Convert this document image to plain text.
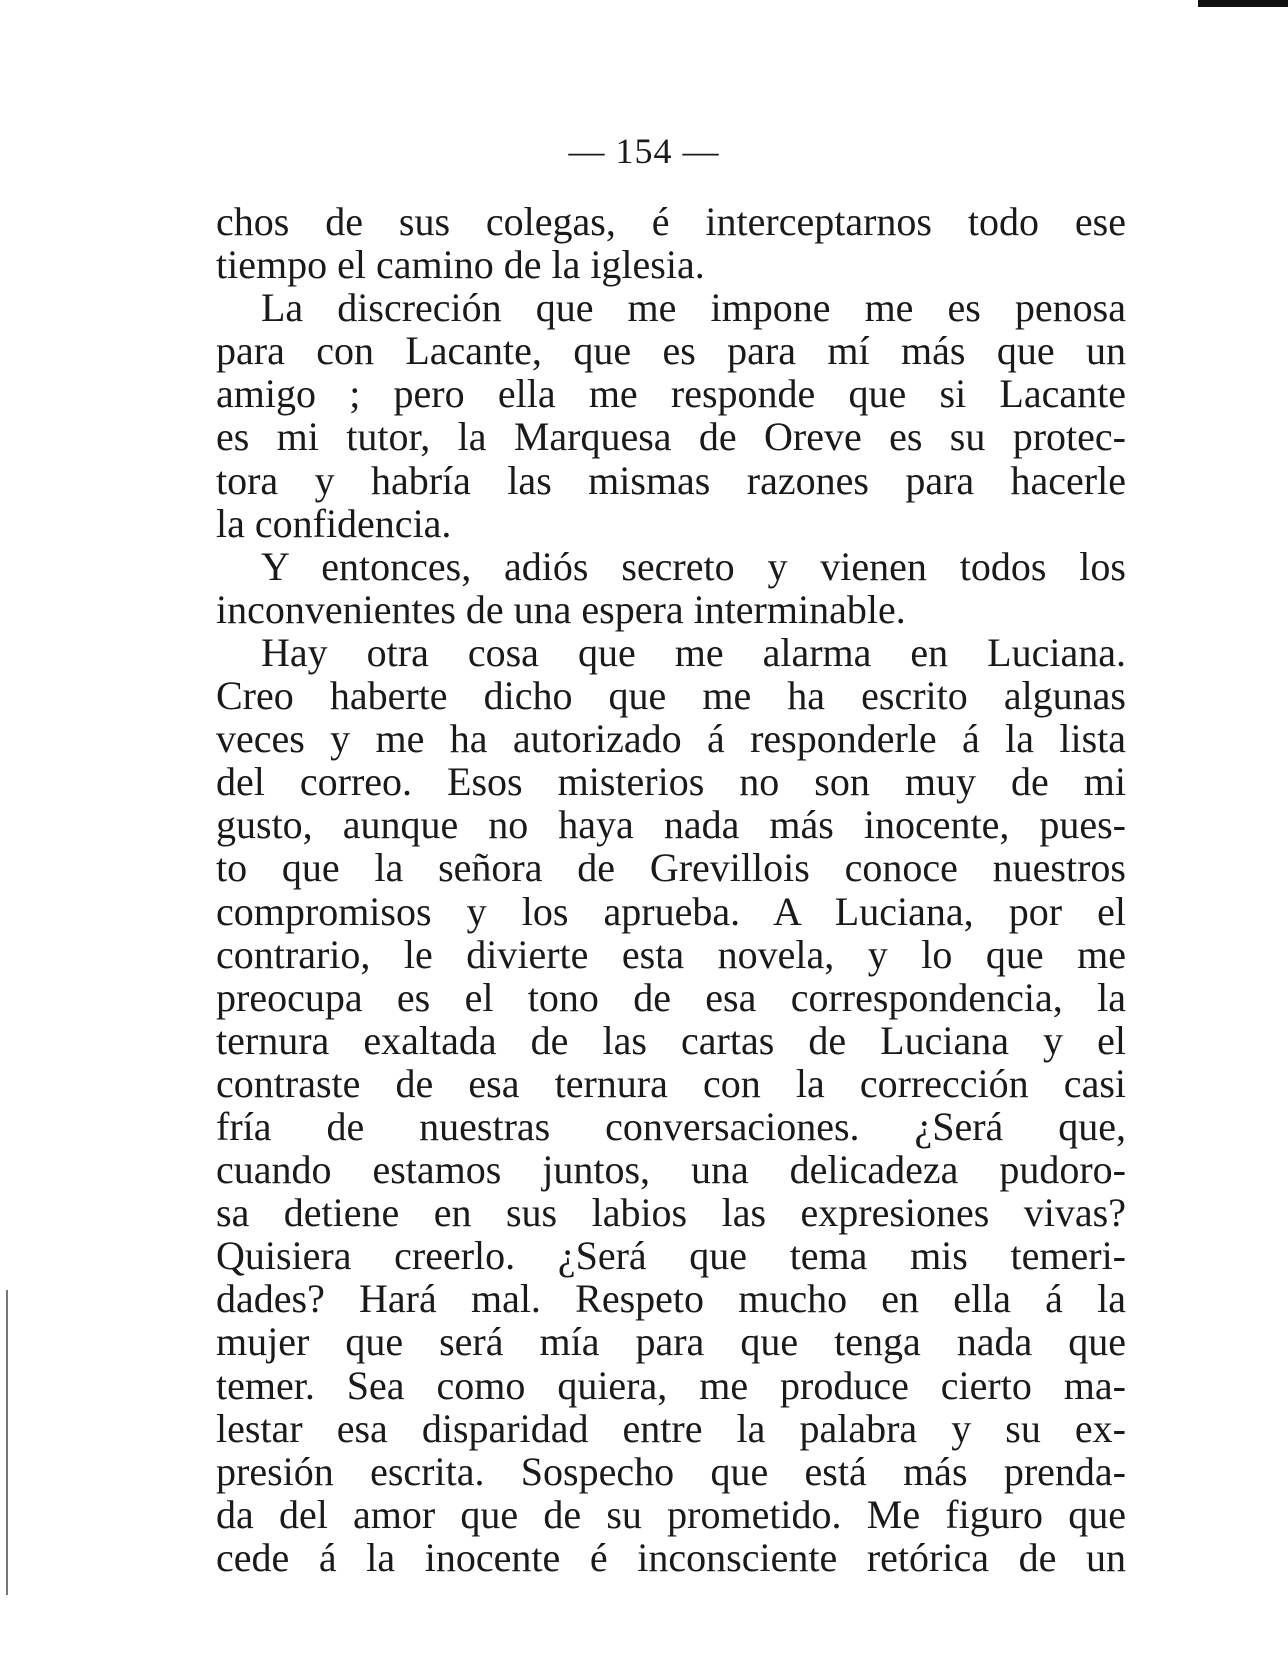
— 154 —
chos de sus colegas, é interceptarnos todo ese
tiempo el camino de la iglesia.
La discreción que me impone me es penosa
para con Lacante, que es para mí más que un
amigo ; pero ella me responde que si Lacante
es mi tutor, la Marquesa de Oreve es su protec-
tora y habría las mismas razones para hacerle
la confidencia.
Y entonces, adiós secreto y vienen todos los
inconvenientes de una espera interminable.
Hay otra cosa que me alarma en Luciana.
Creo haberte dicho que me ha escrito algunas
veces y me ha autorizado á responderle á la lista
del correo. Esos misterios no son muy de mi
gusto, aunque no haya nada más inocente, pues-
to que la señora de Grevillois conoce nuestros
compromisos y los aprueba. A Luciana, por el
contrario, le divierte esta novela, y lo que me
preocupa es el tono de esa correspondencia, la
ternura exaltada de las cartas de Luciana y el
contraste de esa ternura con la corrección casi
fría de nuestras conversaciones. ¿Será que,
cuando estamos juntos, una delicadeza pudoro-
sa detiene en sus labios las expresiones vivas?
Quisiera creerlo. ¿Será que tema mis temeri-
dades? Hará mal. Respeto mucho en ella á la
mujer que será mía para que tenga nada que
temer. Sea como quiera, me produce cierto ma-
lestar esa disparidad entre la palabra y su ex-
presión escrita. Sospecho que está más prenda-
da del amor que de su prometido. Me figuro que
cede á la inocente é inconsciente retórica de un
